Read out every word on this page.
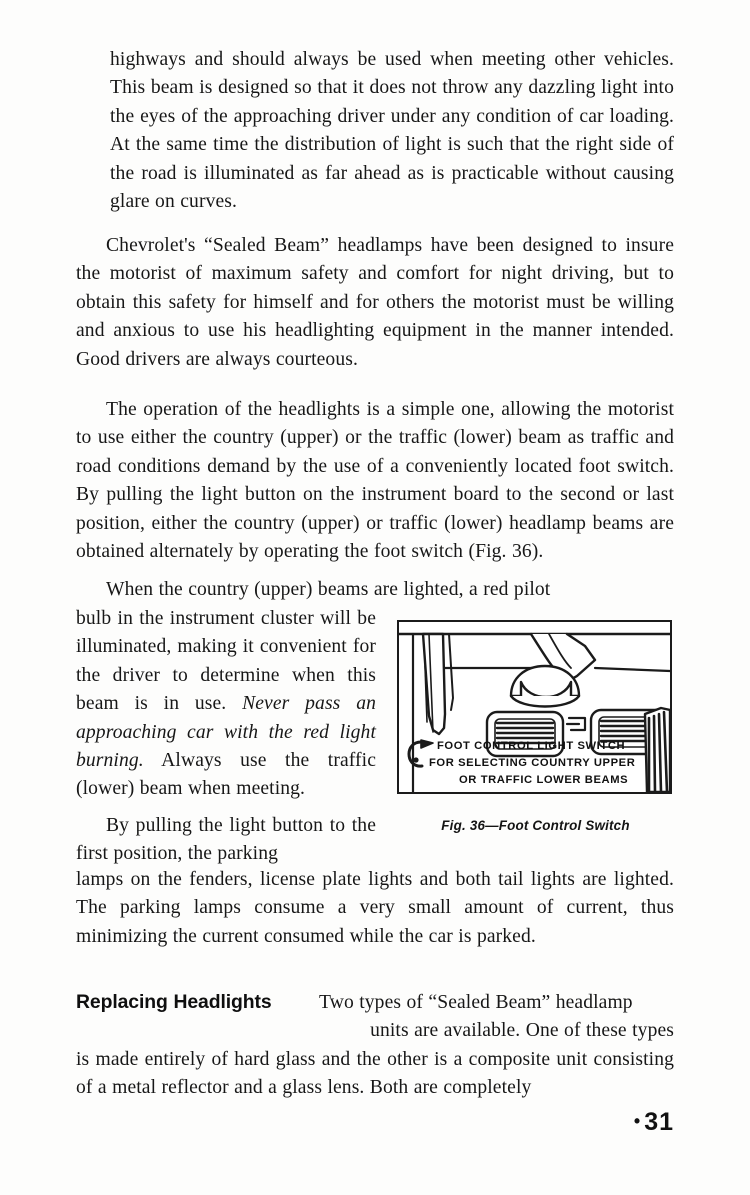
highways and should always be used when meeting other vehicles. This beam is designed so that it does not throw any dazzling light into the eyes of the approaching driver under any condition of car loading. At the same time the distribution of light is such that the right side of the road is illuminated as far ahead as is practicable without causing glare on curves.

Chevrolet's “Sealed Beam” headlamps have been designed to insure the motorist of maximum safety and comfort for night driving, but to obtain this safety for himself and for others the motorist must be willing and anxious to use his headlighting equipment in the manner intended. Good drivers are always courteous.

The operation of the headlights is a simple one, allowing the motorist to use either the country (upper) or the traffic (lower) beam as traffic and road conditions demand by the use of a conveniently located foot switch. By pulling the light button on the instrument board to the second or last position, either the country (upper) or traffic (lower) headlamp beams are obtained alternately by operating the foot switch (Fig. 36).

When the country (upper) beams are lighted, a red pilot

bulb in the instrument cluster will be illuminated, making it convenient for the driver to determine when this beam is in use. Never pass an approaching car with the red light burning. Always use the traffic (lower) beam when meeting.

FOOT CONTROL LIGHT SWITCH
FOR SELECTING COUNTRY UPPER
OR TRAFFIC LOWER BEAMS
Fig. 36—Foot Control Switch

By pulling the light button to the first position, the parking

lamps on the fenders, license plate lights and both tail lights are lighted. The parking lamps consume a very small amount of current, thus minimizing the current consumed while the car is parked.

Replacing Headlights Two types of “Sealed Beam” headlamp
units are available. One of these types
is made entirely of hard glass and the other is a composite unit consisting of a metal reflector and a glass lens. Both are completely

• 31
